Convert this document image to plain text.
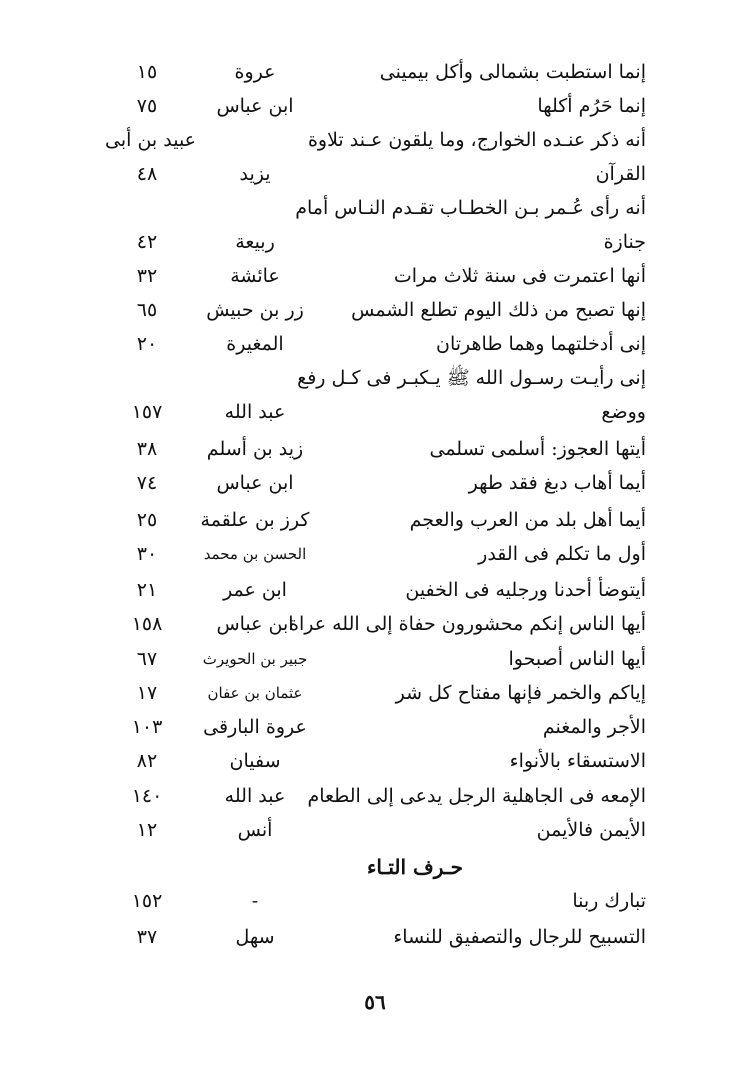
إنما استطبت بشمالى وأكل بيمينى
عروة
١٥
إنما حَرُم أكلها
ابن عباس
٧٥
أنه ذكر عنـده الخوارج، وما يلقون عـند تلاوة
عبيد بن أبى
القرآن
يزيد
٤٨
أنه رأى عُـمر بـن الخطـاب تقـدم النـاس أمام
جنازة
ربيعة
٤٢
أنها اعتمرت فى سنة ثلاث مرات
عائشة
٣٢
إنها تصبح من ذلك اليوم تطلع الشمس
زر بن حبيش
٦٥
إنى أدخلتهما وهما طاهرتان
المغيرة
٢٠
إنى رأيـت رسـول الله ﷺ يـكبـر فى كـل رفع
ووضع
عبد الله
١٥٧
أيتها العجوز: أسلمى تسلمى
زيد بن أسلم
٣٨
أيما أهاب دبغ فقد طهر
ابن عباس
٧٤
أيما أهل بلد من العرب والعجم
كرز بن علقمة
٢٥
أول ما تكلم فى القدر
الحسن بن محمد
٣٠
أيتوضأ أحدنا ورجليه فى الخفين
ابن عمر
٢١
أيها الناس إنكم محشورون حفاة إلى الله عراة
ابن عباس
١٥٨
أيها الناس أصبحوا
جبير بن الحويرث
٦٧
إياكم والخمر فإنها مفتاح كل شر
عثمان بن عفان
١٧
الأجر والمغنم
عروة البارقى
١٠٣
الاستسقاء بالأنواء
سفيان
٨٢
الإمعه فى الجاهلية الرجل يدعى إلى الطعام
عبد الله
١٤٠
الأيمن فالأيمن
أنس
١٢
حـرف التـاء
تبارك ربنا
-
١٥٢
التسبيح للرجال والتصفيق للنساء
سهل
٣٧
٥٦
